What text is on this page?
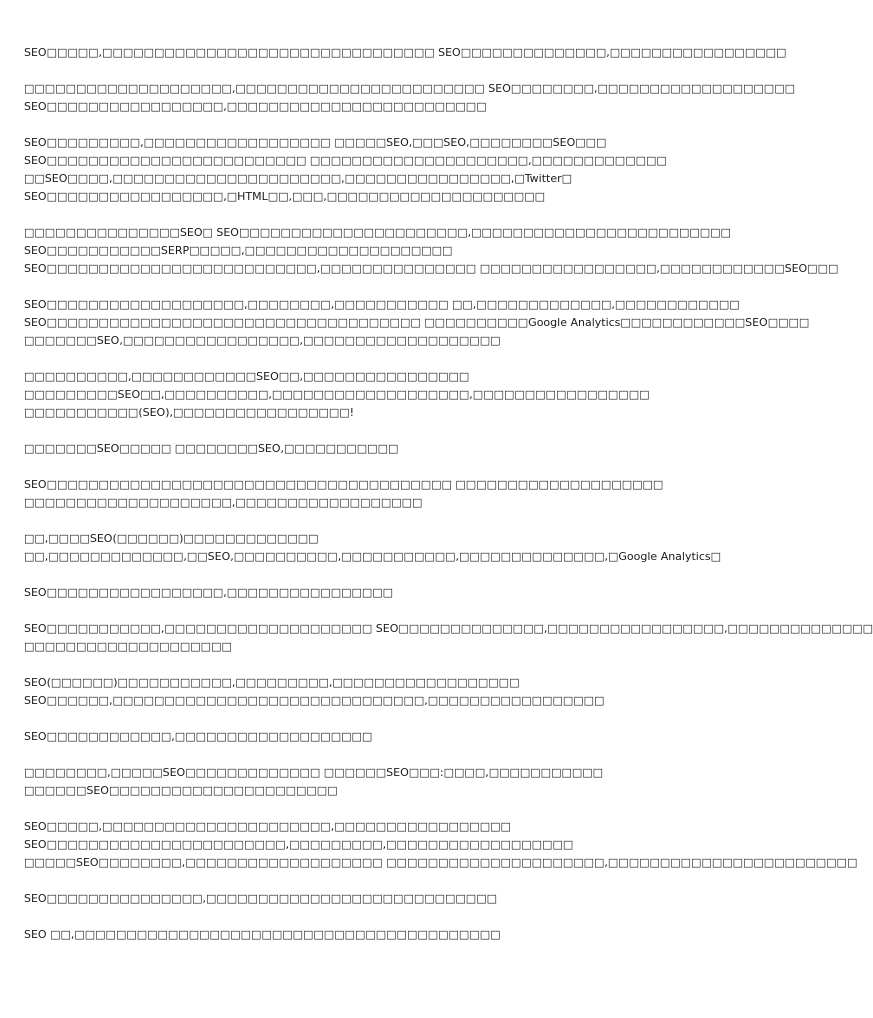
SEO□□□□□,□□□□□□□□□□□□□□□□□□□□□□□□□□□□□□□□ SEO□□□□□□□□□□□□□□,□□□□□□□□□□□□□□□□□
□□□□□□□□□□□□□□□□□□□□,□□□□□□□□□□□□□□□□□□□□□□□□ SEO□□□□□□□□,□□□□□□□□□□□□□□□□□□□
SEO□□□□□□□□□□□□□□□□□,□□□□□□□□□□□□□□□□□□□□□□□□□
SEO□□□□□□□□□,□□□□□□□□□□□□□□□□□□ □□□□□SEO,□□□SEO,□□□□□□□□SEO□□□
SEO□□□□□□□□□□□□□□□□□□□□□□□□□ □□□□□□□□□□□□□□□□□□□□□,□□□□□□□□□□□□□
□□SEO□□□□,□□□□□□□□□□□□□□□□□□□□□□,□□□□□□□□□□□□□□□□,□Twitter□
SEO□□□□□□□□□□□□□□□□□,□HTML□□,□□□,□□□□□□□□□□□□□□□□□□□□□
□□□□□□□□□□□□□□□SEO□ SEO□□□□□□□□□□□□□□□□□□□□□□,□□□□□□□□□□□□□□□□□□□□□□□□□
SEO□□□□□□□□□□□SERP□□□□□,□□□□□□□□□□□□□□□□□□□□
SEO□□□□□□□□□□□□□□□□□□□□□□□□□□,□□□□□□□□□□□□□□□ □□□□□□□□□□□□□□□□□,□□□□□□□□□□□□SEO□□□
SEO□□□□□□□□□□□□□□□□□□□,□□□□□□□□,□□□□□□□□□□□ □□,□□□□□□□□□□□□□,□□□□□□□□□□□□
SEO□□□□□□□□□□□□□□□□□□□□□□□□□□□□□□□□□□□□ □□□□□□□□□□Google Analytics□□□□□□□□□□□□SEO□□□□
□□□□□□□SEO,□□□□□□□□□□□□□□□□□,□□□□□□□□□□□□□□□□□□□
□□□□□□□□□□,□□□□□□□□□□□□SEO□□,□□□□□□□□□□□□□□□□
□□□□□□□□□SEO□□,□□□□□□□□□□,□□□□□□□□□□□□□□□□□□□,□□□□□□□□□□□□□□□□□
□□□□□□□□□□□(SEO),□□□□□□□□□□□□□□□□□!
□□□□□□□SEO□□□□□ □□□□□□□□SEO,□□□□□□□□□□□
SEO□□□□□□□□□□□□□□□□□□□□□□□□□□□□□□□□□□□□□□□ □□□□□□□□□□□□□□□□□□□□
□□□□□□□□□□□□□□□□□□□□,□□□□□□□□□□□□□□□□□□
□□,□□□□SEO(□□□□□□)□□□□□□□□□□□□□
□□,□□□□□□□□□□□□□,□□SEO,□□□□□□□□□□,□□□□□□□□□□□,□□□□□□□□□□□□□□,□Google Analytics□
SEO□□□□□□□□□□□□□□□□□,□□□□□□□□□□□□□□□□
SEO□□□□□□□□□□□,□□□□□□□□□□□□□□□□□□□□ SEO□□□□□□□□□□□□□□,□□□□□□□□□□□□□□□□□,□□□□□□□□□□□□□□
□□□□□□□□□□□□□□□□□□□□
SEO(□□□□□□)□□□□□□□□□□□,□□□□□□□□□,□□□□□□□□□□□□□□□□□□
SEO□□□□□□,□□□□□□□□□□□□□□□□□□□□□□□□□□□□□□,□□□□□□□□□□□□□□□□□
SEO□□□□□□□□□□□□,□□□□□□□□□□□□□□□□□□□
□□□□□□□□,□□□□□SEO□□□□□□□□□□□□□ □□□□□□SEO□□□:□□□□,□□□□□□□□□□□
□□□□□□SEO□□□□□□□□□□□□□□□□□□□□□□
SEO□□□□□,□□□□□□□□□□□□□□□□□□□□□□,□□□□□□□□□□□□□□□□□
SEO□□□□□□□□□□□□□□□□□□□□□□□,□□□□□□□□□,□□□□□□□□□□□□□□□□□□
□□□□□SEO□□□□□□□□,□□□□□□□□□□□□□□□□□□□ □□□□□□□□□□□□□□□□□□□□□,□□□□□□□□□□□□□□□□□□□□□□□□
SEO□□□□□□□□□□□□□□□,□□□□□□□□□□□□□□□□□□□□□□□□□□□□
SEO □□,□□□□□□□□□□□□□□□□□□□□□□□□□□□□□□□□□□□□□□□□□
